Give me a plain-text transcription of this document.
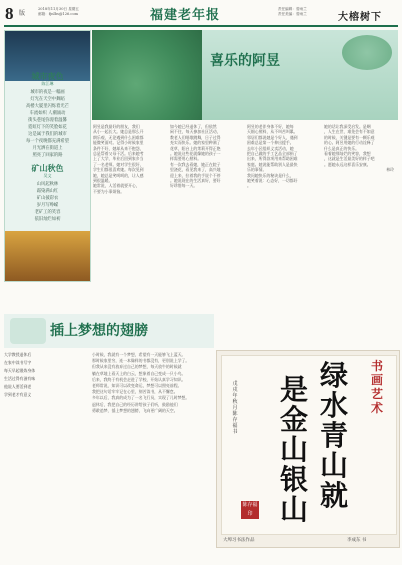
8 版
2018年11月30日 星期五
邮箱：fjnlbs@126.com	福建老年报	责任编辑：曾雨兰
责任美编：曾雨兰	大榕树下
城市夜色
陈江琳
城市的夜是一幅画
灯光在天空中舞蹈
高楼大厦里闪烁着光芒
车流如织 人潮涌动
街头巷尾弥漫着温馨
霓虹灯下的笑脸如花
这是属于我们的城市
每一个夜晚都充满希望
月光洒在街道上
照亮了回家的路
矿山秋色
吴文
山风起秋林
霜染满山红
矿山披彩衣
岁月写峥嵘
老矿工的笑容
依旧灿烂如初
喜乐的阿昱
阿昱是我最好的朋友，我们
从小一起长大。她总是那么开
朗乐观，无论遇到什么困难都
能微笑面对。记得小时候家里
条件不好，她却从来不抱怨，
总是帮着父母干活。后来她考
上了大学，毕业后回到家乡当
了一名老师。她对学生很好，
学生们都很喜欢她。每次见到
她，她总是笑呵呵的，让人感
到很温暖。
她常说，人活着就要开心，
不要为小事烦恼。
如今她已经退休了，但依然
闲不住，每天参加社区活动，
教老人们唱歌跳舞，日子过得
充实而快乐。她的家里种满了
花草，阳台上的茉莉开得正艳
。她说这些花就像她的孩子一
样需要用心照料。
有一次我去看她，她正在院子
里浇花，看见我来了，高兴地
迎上来，拉着我的手说个不停
。她说现在的生活真好，要好
好珍惜每一天。
阿昱的老伴身体不好，她每
天细心照料，从不叫苦叫累。
邻居们都说她是个好人，遇到
困难总是第一个伸出援手。
去年小区组织义卖活动，她
把自己做的手工艺品全部捐了
出来，所得款项用来帮助困难
家庭。她说能帮助别人是最快
乐的事情。
我问她快乐的秘诀是什么，
她笑着说：心态好，一切都好
。
她的话让我深受启发。是啊
，人生在世，难免会有不如意
的时候，关键是要有一颗乐观
的心。阿昱用她的行动诠释了
什么是真正的快乐。
看着她那灿烂的笑容，我想
，这就是生活最美好的样子吧
。愿她永远这样喜乐安康。
林玲
插上梦想的翅膀
小时候，我就有一个梦想，希望有一天能够飞上蓝天。
那时候家里穷，连一本像样的书都没有，更别说上学了。
但我从来没有放弃过自己的梦想，每天放牛的时候就
躺在草地上看天上的白云，想象着自己变成一只小鸟。
后来，我终于有机会走进了学校，开始认真学习知识。
老师常说，知识可以改变命运，梦想可以照亮前程。
我把这句话牢牢记在心里，刻苦读书，从不懈怠。
多年以后，我真的成为了一名飞行员，实现了儿时梦想。
退休后，我把自己的经历讲给孩子们听，鼓励他们
勇敢追梦，插上梦想的翅膀，飞向更广阔的天空。
大学教授退休后
在家中读书写字
每天早起锻炼身体
生活过得有滋有味
他说人要活到老
学到老才有意义
戊
戌
年
秋
月
陈
存
福
书
是
金
山
银
山
绿
水
青
山
就
书
画
艺
术
陈存福印
大埠习书法作品	李成东 书
